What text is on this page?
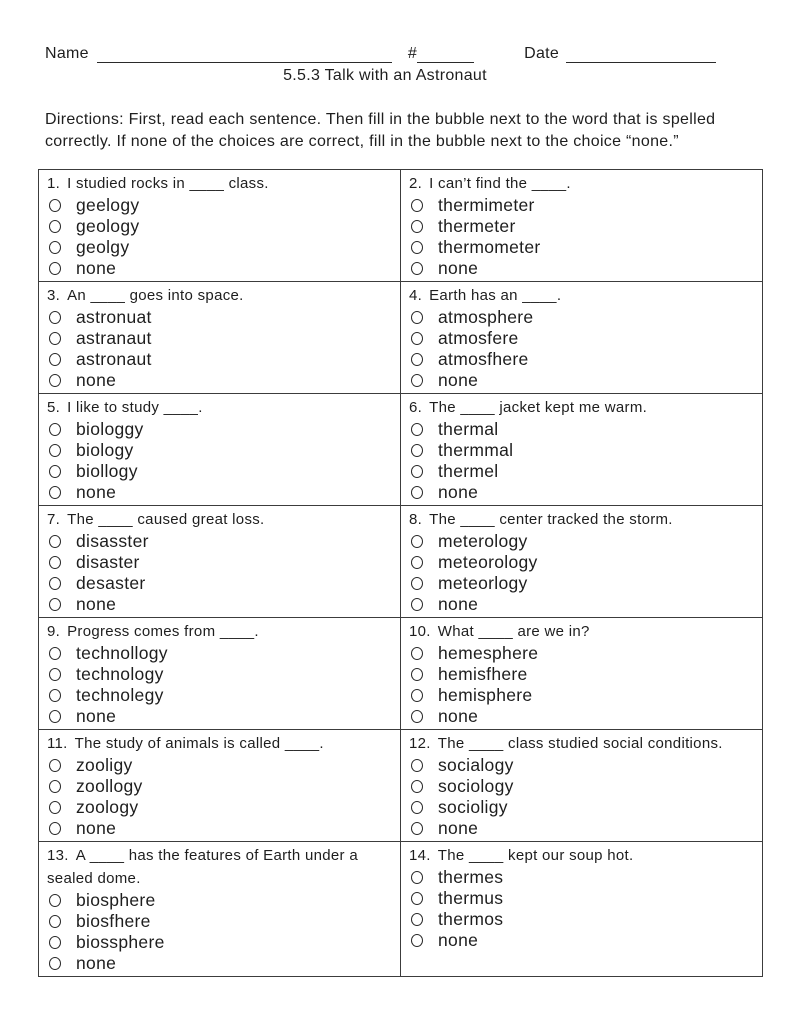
Name	#	Date
5.5.3 Talk with an Astronaut

Directions: First, read each sentence. Then fill in the bubble next to the word that is spelled correctly. If none of the choices are correct, fill in the bubble next to the choice “none.”

1. I studied rocks in ____ class.
geelogy
geology
geolgy
none

2. I can’t find the ____.
thermimeter
thermeter
thermometer
none

3. An ____ goes into space.
astronuat
astranaut
astronaut
none

4. Earth has an ____.
atmosphere
atmosfere
atmosfhere
none

5. I like to study ____.
biologgy
biology
biollogy
none

6. The ____ jacket kept me warm.
thermal
thermmal
thermel
none

7. The ____ caused great loss.
disasster
disaster
desaster
none

8. The ____ center tracked the storm.
meterology
meteorology
meteorlogy
none

9. Progress comes from ____.
technollogy
technology
technolegy
none

10. What ____ are we in?
hemesphere
hemisfhere
hemisphere
none

11. The study of animals is called ____.
zooligy
zoollogy
zoology
none

12. The ____ class studied social conditions.
socialogy
sociology
socioligy
none

13. A ____ has the features of Earth under a sealed dome.
biosphere
biosfhere
biossphere
none

14. The ____ kept our soup hot.
thermes
thermus
thermos
none
